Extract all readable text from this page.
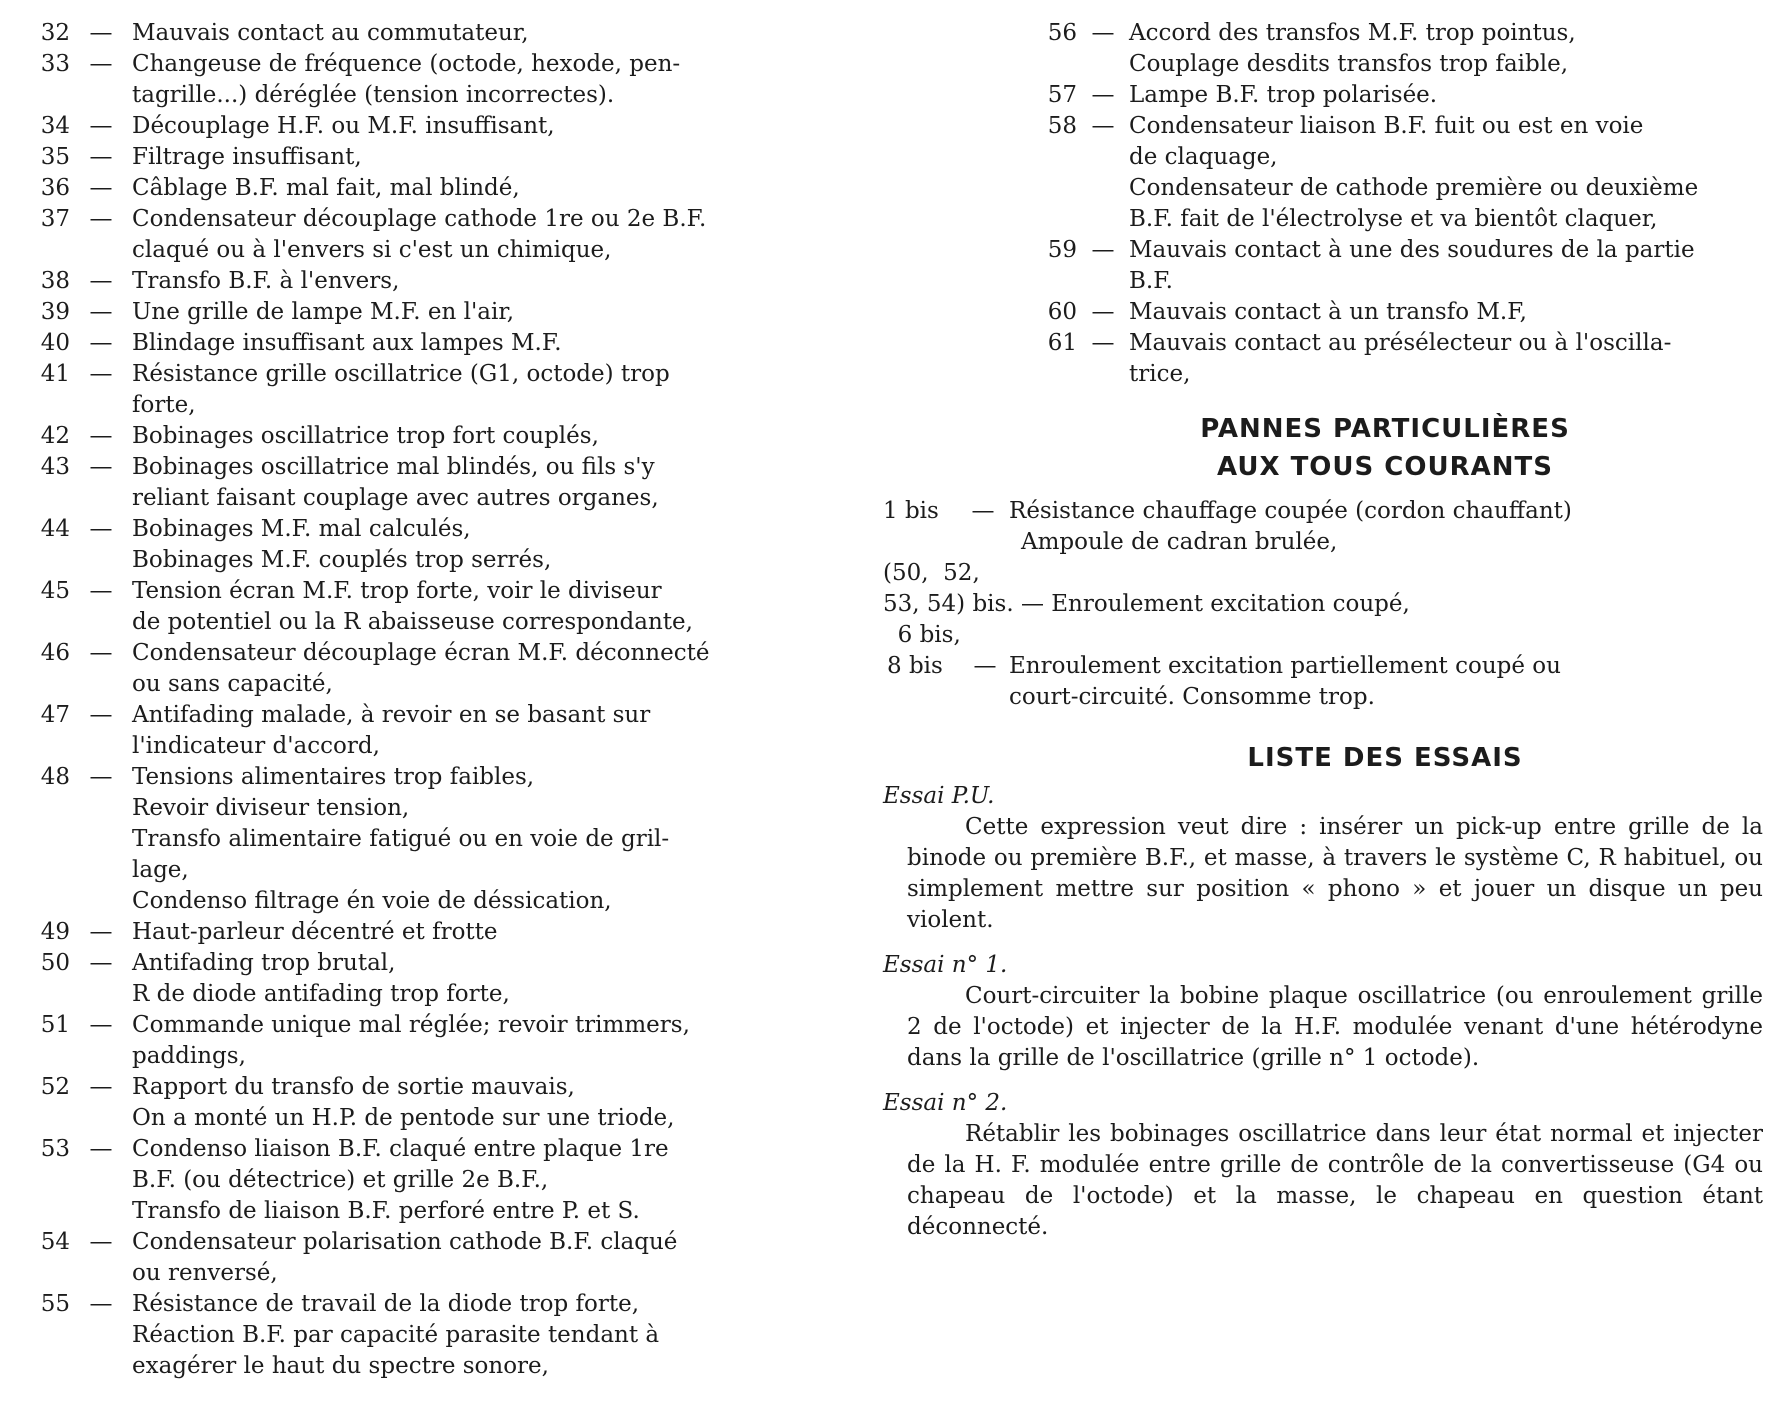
32 — Mauvais contact au commutateur,
33 — Changeuse de fréquence (octode, hexode, pen-
tagrille...) déréglée (tension incorrectes).
34 — Découplage H.F. ou M.F. insuffisant,
35 — Filtrage insuffisant,
36 — Câblage B.F. mal fait, mal blindé,
37 — Condensateur découplage cathode 1re ou 2e B.F.
claqué ou à l'envers si c'est un chimique,
38 — Transfo B.F. à l'envers,
39 — Une grille de lampe M.F. en l'air,
40 — Blindage insuffisant aux lampes M.F.
41 — Résistance grille oscillatrice (G1, octode) trop
forte,
42 — Bobinages oscillatrice trop fort couplés,
43 — Bobinages oscillatrice mal blindés, ou fils s'y
reliant faisant couplage avec autres organes,
44 — Bobinages M.F. mal calculés,
Bobinages M.F. couplés trop serrés,
45 — Tension écran M.F. trop forte, voir le diviseur
de potentiel ou la R abaisseuse correspondante,
46 — Condensateur découplage écran M.F. déconnecté
ou sans capacité,
47 — Antifading malade, à revoir en se basant sur
l'indicateur d'accord,
48 — Tensions alimentaires trop faibles,
Revoir diviseur tension,
Transfo alimentaire fatigué ou en voie de gril-
lage,
Condenso filtrage én voie de déssication,
49 — Haut-parleur décentré et frotte
50 — Antifading trop brutal,
R de diode antifading trop forte,
51 — Commande unique mal réglée; revoir trimmers,
paddings,
52 — Rapport du transfo de sortie mauvais,
On a monté un H.P. de pentode sur une triode,
53 — Condenso liaison B.F. claqué entre plaque 1re
B.F. (ou détectrice) et grille 2e B.F.,
Transfo de liaison B.F. perforé entre P. et S.
54 — Condensateur polarisation cathode B.F. claqué
ou renversé,
55 — Résistance de travail de la diode trop forte,
Réaction B.F. par capacité parasite tendant à
exagérer le haut du spectre sonore,
56 — Accord des transfos M.F. trop pointus,
Couplage desdits transfos trop faible,
57 — Lampe B.F. trop polarisée.
58 — Condensateur liaison B.F. fuit ou est en voie
de claquage,
Condensateur de cathode première ou deuxième
B.F. fait de l'électrolyse et va bientôt claquer,
59 — Mauvais contact à une des soudures de la partie
B.F.
60 — Mauvais contact à un transfo M.F,
61 — Mauvais contact au présélecteur ou à l'oscilla-
trice,
PANNES PARTICULIÈRES
AUX TOUS COURANTS
1 bis	— Résistance chauffage coupée (cordon chauffant)
Ampoule de cadran brulée,
(50,  52,
53, 54) bis. — Enroulement excitation coupé,
6 bis,
8 bis	— Enroulement excitation partiellement coupé ou
court-circuité. Consomme trop.
LISTE DES ESSAIS
Essai P.U.
Cette expression veut dire : insérer un pick-up entre grille de la binode ou première B.F., et masse, à travers le système C, R habituel, ou simplement mettre sur position « phono » et jouer un disque un peu violent.
Essai n° 1.
Court-circuiter la bobine plaque oscillatrice (ou enroulement grille 2 de l'octode) et injecter de la H.F. modulée venant d'une hétérodyne dans la grille de l'oscillatrice (grille n° 1 octode).
Essai n° 2.
Rétablir les bobinages oscillatrice dans leur état normal et injecter de la H. F. modulée entre grille de contrôle de la convertisseuse (G4 ou chapeau de l'octode) et la masse, le chapeau en question étant déconnecté.
